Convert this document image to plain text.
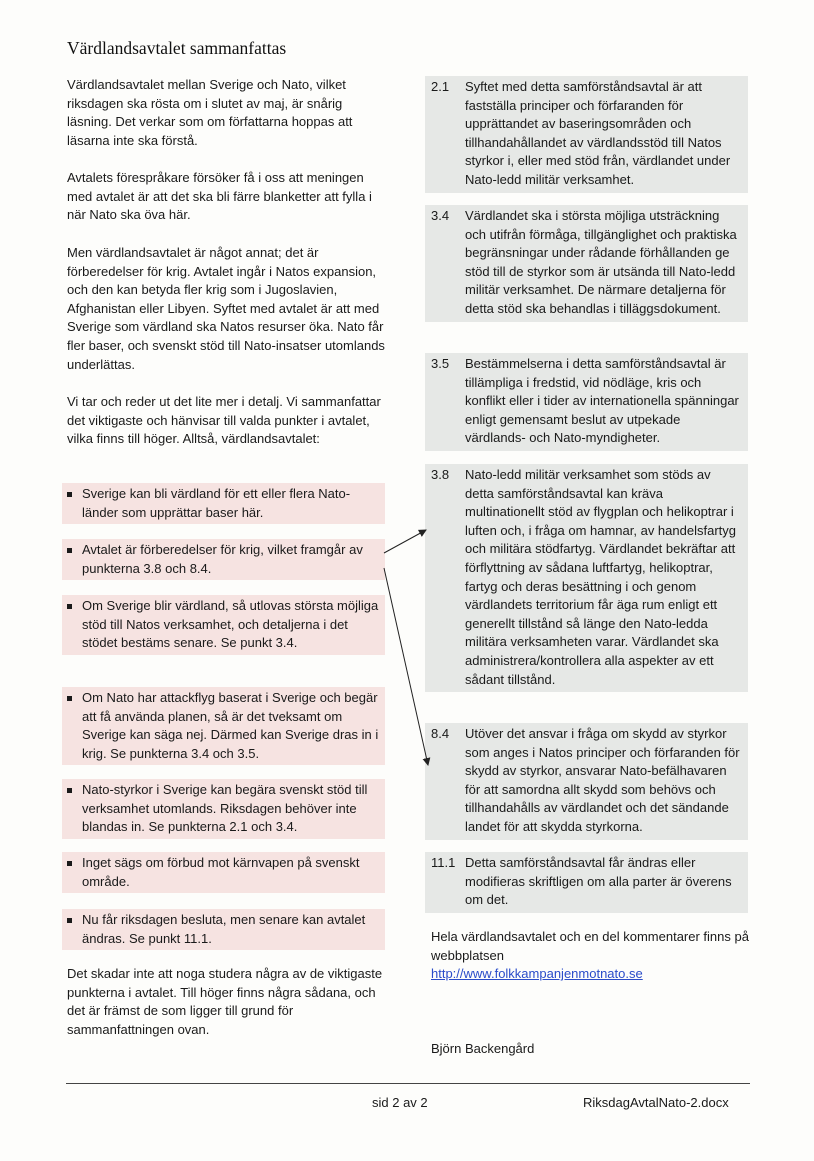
Värdlandsavtalet sammanfattas
Värdlandsavtalet mellan Sverige och Nato, vilket riksdagen ska rösta om i slutet av maj, är snårig läsning. Det verkar som om författarna hoppas att läsarna inte ska förstå.
Avtalets förespråkare försöker få i oss att meningen med avtalet är att det ska bli färre blanketter att fylla i när Nato ska öva här.
Men värdlandsavtalet är något annat; det är förberedelser för krig. Avtalet ingår i Natos expansion, och den kan betyda fler krig som i Jugoslavien, Afghanistan eller Libyen. Syftet med avtalet är att med Sverige som värdland ska Natos resurser öka. Nato får fler baser, och svenskt stöd till Nato-insatser utomlands underlättas.
Vi tar och reder ut det lite mer i detalj. Vi sammanfattar det viktigaste och hänvisar till valda punkter i avtalet, vilka finns till höger. Alltså, värdlandsavtalet:
Sverige kan bli värdland för ett eller flera Nato-länder som upprättar baser här.
Avtalet är förberedelser för krig, vilket framgår av punkterna 3.8 och 8.4.
Om Sverige blir värdland, så utlovas största möjliga stöd till Natos verksamhet, och detaljerna i det stödet bestäms senare. Se punkt 3.4.
Om Nato har attackflyg baserat i Sverige och begär att få använda planen, så är det tveksamt om Sverige kan säga nej. Därmed kan Sverige dras in i krig. Se punkterna 3.4 och 3.5.
Nato-styrkor i Sverige kan begära svenskt stöd till verksamhet utomlands. Riksdagen behöver inte blandas in. Se punkterna 2.1 och 3.4.
Inget sägs om förbud mot kärnvapen på svenskt område.
Nu får riksdagen besluta, men senare kan avtalet ändras. Se punkt 11.1.
Det skadar inte att noga studera några av de viktigaste punkterna i avtalet. Till höger finns några sådana, och det är främst de som ligger till grund för sammanfattningen ovan.
2.1 Syftet med detta samförståndsavtal är att fastställa principer och förfaranden för upprättandet av baseringsområden och tillhandahållandet av värdlandsstöd till Natos styrkor i, eller med stöd från, värdlandet under Nato-ledd militär verksamhet.
3.4 Värdlandet ska i största möjliga utsträckning och utifrån förmåga, tillgänglighet och praktiska begränsningar under rådande förhållanden ge stöd till de styrkor som är utsända till Nato-ledd militär verksamhet. De närmare detaljerna för detta stöd ska behandlas i tilläggsdokument.
3.5 Bestämmelserna i detta samförståndsavtal är tillämpliga i fredstid, vid nödläge, kris och konflikt eller i tider av internationella spänningar enligt gemensamt beslut av utpekade värdlands- och Nato-myndigheter.
3.8 Nato-ledd militär verksamhet som stöds av detta samförståndsavtal kan kräva multinationellt stöd av flygplan och helikoptrar i luften och, i fråga om hamnar, av handelsfartyg och militära stödfartyg. Värdlandet bekräftar att förflyttning av sådana luftfartyg, helikoptrar, fartyg och deras besättning i och genom värdlandets territorium får äga rum enligt ett generellt tillstånd så länge den Nato-ledda militära verksamheten varar. Värdlandet ska administrera/kontrollera alla aspekter av ett sådant tillstånd.
8.4 Utöver det ansvar i fråga om skydd av styrkor som anges i Natos principer och förfaranden för skydd av styrkor, ansvarar Nato-befälhavaren för att samordna allt skydd som behövs och tillhandahålls av värdlandet och det sändande landet för att skydda styrkorna.
11.1 Detta samförståndsavtal får ändras eller modifieras skriftligen om alla parter är överens om det.
Hela värdlandsavtalet och en del kommentarer finns på webbplatsen
http://www.folkkampanjenmotnato.se
Björn Backengård
sid 2 av 2	RiksdagAvtalNato-2.docx
